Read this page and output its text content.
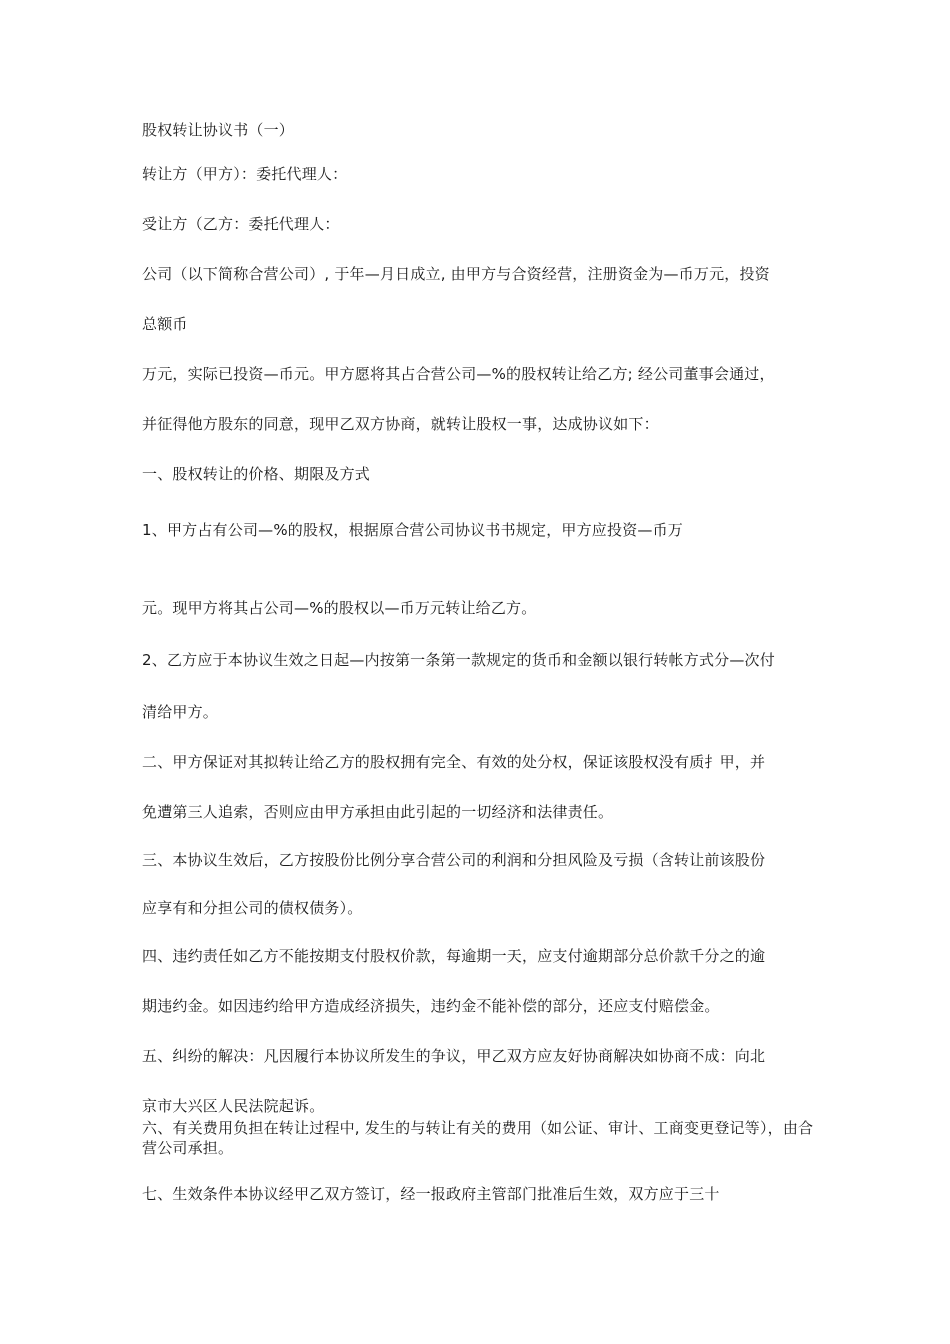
股权转让协议书（一）
转让方（甲方）：委托代理人：
受让方（乙方：委托代理人：
公司（以下简称合营公司）, 于年—月日成立, 由甲方与合资经营，注册资金为—币万元，投资
总额币
万元，实际已投资—币元。甲方愿将其占合营公司—%的股权转让给乙方; 经公司董事会通过，
并征得他方股东的同意，现甲乙双方协商，就转让股权一事，达成协议如下：
一、股权转让的价格、期限及方式
1、甲方占有公司—%的股权，根据原合营公司协议书书规定，甲方应投资—币万
元。现甲方将其占公司—%的股权以—币万元转让给乙方。
2、乙方应于本协议生效之日起—内按第一条第一款规定的货币和金额以银行转帐方式分—次付
清给甲方。
二、甲方保证对其拟转让给乙方的股权拥有完全、有效的处分权，保证该股权没有质扌甲，并
免遭第三人追索，否则应由甲方承担由此引起的一切经济和法律责任。
三、本协议生效后，乙方按股份比例分享合营公司的利润和分担风险及亏损（含转让前该股份
应享有和分担公司的债权债务）。
四、违约责任如乙方不能按期支付股权价款，每逾期一天，应支付逾期部分总价款千分之的逾
期违约金。如因违约给甲方造成经济损失，违约金不能补偿的部分，还应支付赔偿金。
五、纠纷的解决：凡因履行本协议所发生的争议，甲乙双方应友好协商解决如协商不成：向北
京市大兴区人民法院起诉。
六、有关费用负担在转让过程中, 发生的与转让有关的费用（如公证、审计、工商变更登记等），由合营公司承担。
七、生效条件本协议经甲乙双方签订，经一报政府主管部门批准后生效，双方应于三十
